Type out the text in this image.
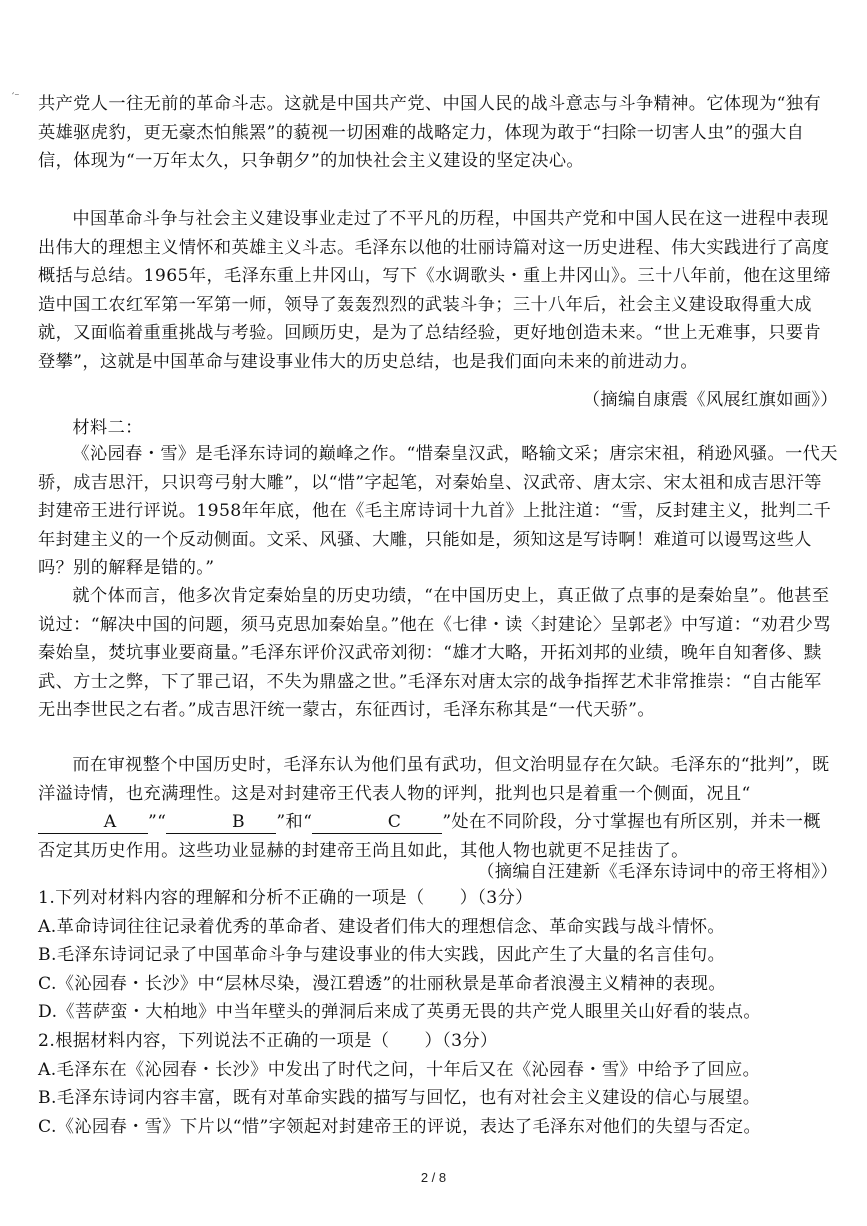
′⁻ 共产党人一往无前的革命斗志。这就是中国共产党、中国人民的战斗意志与斗争精神。它体现为“独有英雄驱虎豹，更无豪杰怕熊罴”的藐视一切困难的战略定力，体现为敢于“扫除一切害人虫”的强大自信，体现为“一万年太久，只争朝夕”的加快社会主义建设的坚定决心。

中国革命斗争与社会主义建设事业走过了不平凡的历程，中国共产党和中国人民在这一进程中表现出伟大的理想主义情怀和英雄主义斗志。毛泽东以他的壮丽诗篇对这一历史进程、伟大实践进行了高度概括与总结。1965年，毛泽东重上井冈山，写下《水调歌头・重上井冈山》。三十八年前，他在这里缔造中国工农红军第一军第一师，领导了轰轰烈烈的武装斗争；三十八年后，社会主义建设取得重大成就，又面临着重重挑战与考验。回顾历史，是为了总结经验，更好地创造未来。“世上无难事，只要肯登攀”，这就是中国革命与建设事业伟大的历史总结，也是我们面向未来的前进动力。

（摘编自康震《风展红旗如画》）

材料二：

《沁园春・雪》是毛泽东诗词的巅峰之作。“惜秦皇汉武，略输文采；唐宗宋祖，稍逊风骚。一代天骄，成吉思汗，只识弯弓射大雕”，以“惜”字起笔，对秦始皇、汉武帝、唐太宗、宋太祖和成吉思汗等封建帝王进行评说。1958年年底，他在《毛主席诗词十九首》上批注道：“雪，反封建主义，批判二千年封建主义的一个反动侧面。文采、风骚、大雕，只能如是，须知这是写诗啊！难道可以谩骂这些人吗？别的解释是错的。”

就个体而言，他多次肯定秦始皇的历史功绩，“在中国历史上，真正做了点事的是秦始皇”。他甚至说过：“解决中国的问题，须马克思加秦始皇。”他在《七律・读〈封建论〉呈郭老》中写道：“劝君少骂秦始皇，焚坑事业要商量。”毛泽东评价汉武帝刘彻：“雄才大略，开拓刘邦的业绩，晚年自知奢侈、黩武、方士之弊，下了罪己诏，不失为鼎盛之世。”毛泽东对唐太宗的战争指挥艺术非常推崇：“自古能军无出李世民之右者。”成吉思汗统一蒙古，东征西讨，毛泽东称其是“一代天骄”。

而在审视整个中国历史时，毛泽东认为他们虽有武功，但文治明显存在欠缺。毛泽东的“批判”，既洋溢诗情，也充满理性。这是对封建帝王代表人物的评判，批判也只是着重一个侧面，况且“A ”“	B ”和“	C ”处在不同阶段，分寸掌握也有所区别，并未一概否定其历史作用。这些功业显赫的封建帝王尚且如此，其他人物也就更不足挂齿了。

（摘编自汪建新《毛泽东诗词中的帝王将相》）

1.下列对材料内容的理解和分析不正确的一项是（　　）（3分）

A.革命诗词往往记录着优秀的革命者、建设者们伟大的理想信念、革命实践与战斗情怀。

B.毛泽东诗词记录了中国革命斗争与建设事业的伟大实践，因此产生了大量的名言佳句。

C.《沁园春・长沙》中“层林尽染，漫江碧透”的壮丽秋景是革命者浪漫主义精神的表现。

D.《菩萨蛮・大柏地》中当年壁头的弹洞后来成了英勇无畏的共产党人眼里关山好看的装点。

2.根据材料内容，下列说法不正确的一项是（　　）（3分）

A.毛泽东在《沁园春・长沙》中发出了时代之问，十年后又在《沁园春・雪》中给予了回应。

B.毛泽东诗词内容丰富，既有对革命实践的描写与回忆，也有对社会主义建设的信心与展望。

C.《沁园春・雪》下片以“惜”字领起对封建帝王的评说，表达了毛泽东对他们的失望与否定。

2 / 8
